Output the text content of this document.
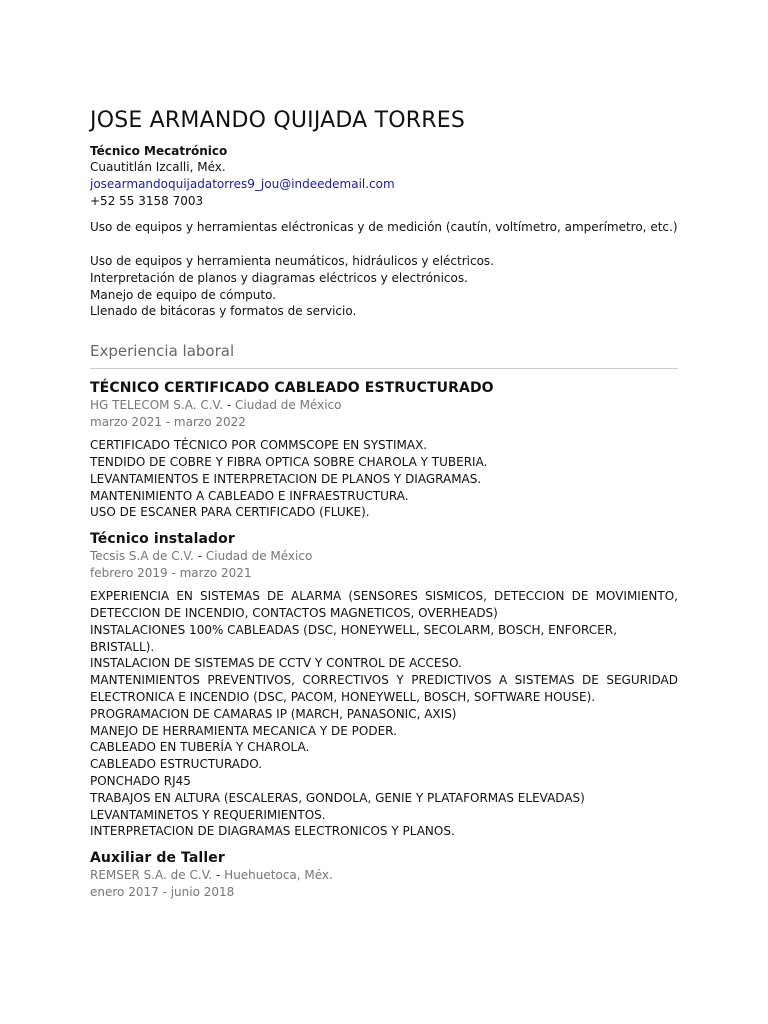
JOSE ARMANDO QUIJADA TORRES
Técnico Mecatrónico
Cuautitlán Izcalli, Méx.
josearmandoquijadatorres9_jou@indeedemail.com
+52 55 3158 7003

Uso de equipos y herramientas eléctronicas y de medición (cautín, voltímetro, amperímetro, etc.)

Uso de equipos y herramienta neumáticos, hidráulicos y eléctricos.

Interpretación de planos y diagramas eléctricos y electrónicos.

Manejo de equipo de cómputo.

Llenado de bitácoras y formatos de servicio.

Experiencia laboral
TÉCNICO CERTIFICADO CABLEADO ESTRUCTURADO
HG TELECOM S.A. C.V. - Ciudad de México
marzo 2021 - marzo 2022

CERTIFICADO TÉCNICO POR COMMSCOPE EN SYSTIMAX.

TENDIDO DE COBRE Y FIBRA OPTICA SOBRE CHAROLA Y TUBERIA.

LEVANTAMIENTOS E INTERPRETACION DE PLANOS Y DIAGRAMAS.

MANTENIMIENTO A CABLEADO E INFRAESTRUCTURA.

USO DE ESCANER PARA CERTIFICADO (FLUKE).

Técnico instalador
Tecsis S.A de C.V. - Ciudad de México
febrero 2019 - marzo 2021

EXPERIENCIA EN SISTEMAS DE ALARMA (SENSORES SISMICOS, DETECCION DE MOVIMIENTO, DETECCION DE INCENDIO, CONTACTOS MAGNETICOS, OVERHEADS)

INSTALACIONES 100% CABLEADAS (DSC, HONEYWELL, SECOLARM, BOSCH, ENFORCER, BRISTALL).

INSTALACION DE SISTEMAS DE CCTV Y CONTROL DE ACCESO.

MANTENIMIENTOS PREVENTIVOS, CORRECTIVOS Y PREDICTIVOS A SISTEMAS DE SEGURIDAD ELECTRONICA E INCENDIO (DSC, PACOM, HONEYWELL, BOSCH, SOFTWARE HOUSE).

PROGRAMACION DE CAMARAS IP (MARCH, PANASONIC, AXIS)

MANEJO DE HERRAMIENTA MECANICA Y DE PODER.

CABLEADO EN TUBERÍA Y CHAROLA.

CABLEADO ESTRUCTURADO.

PONCHADO RJ45

TRABAJOS EN ALTURA (ESCALERAS, GONDOLA, GENIE Y PLATAFORMAS ELEVADAS)

LEVANTAMINETOS Y REQUERIMIENTOS.

INTERPRETACION DE DIAGRAMAS ELECTRONICOS Y PLANOS.

Auxiliar de Taller
REMSER S.A. de C.V. - Huehuetoca, Méx.
enero 2017 - junio 2018
